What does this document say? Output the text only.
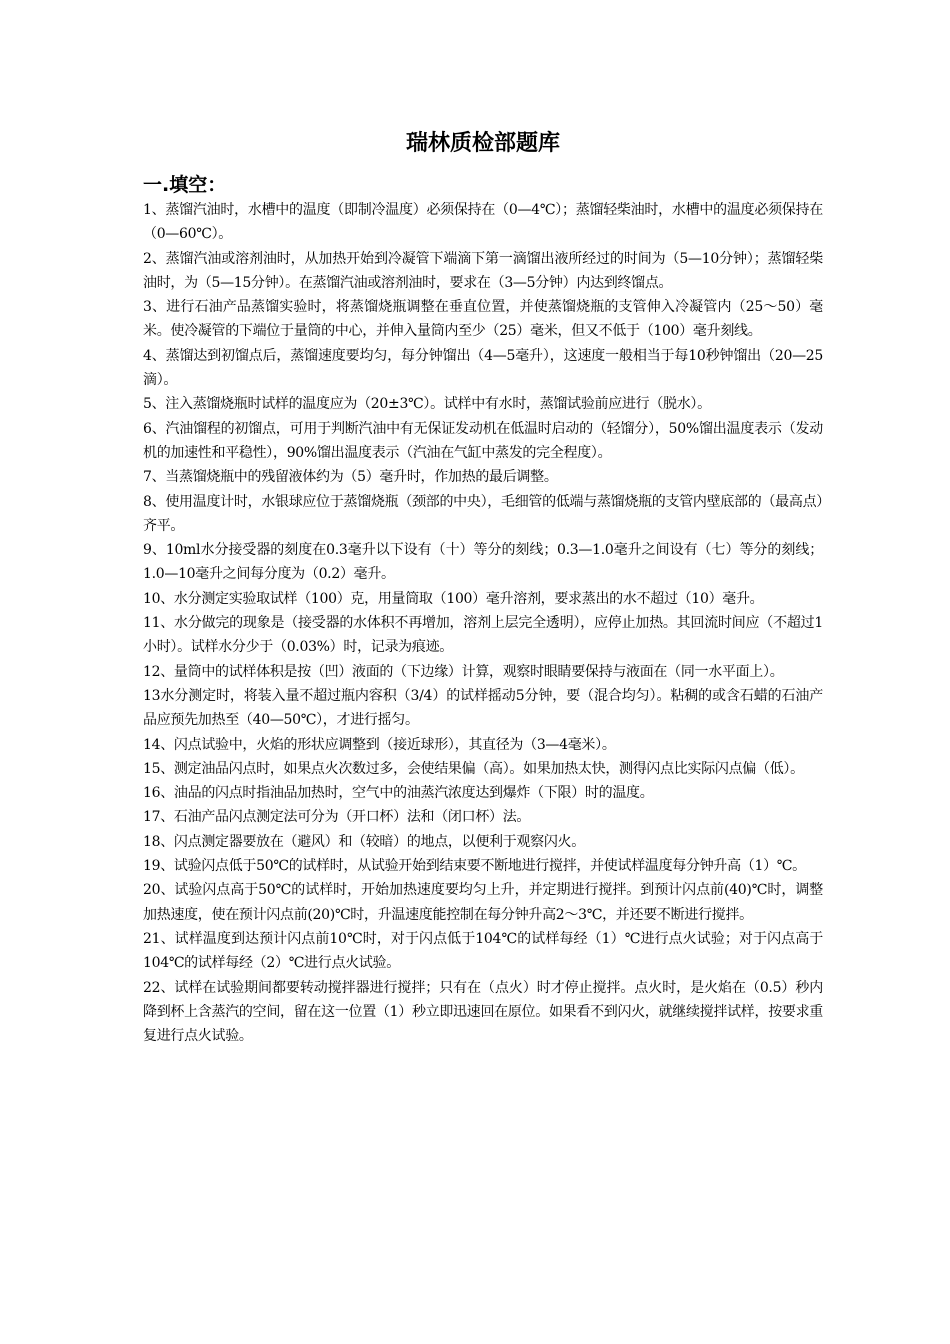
瑞林质检部题库
一.填空：

1、蒸馏汽油时，水槽中的温度（即制冷温度）必须保持在（0—4℃）；蒸馏轻柴油时，水槽中的温度必须保持在（0—60℃）。

2、蒸馏汽油或溶剂油时，从加热开始到冷凝管下端滴下第一滴馏出液所经过的时间为（5—10分钟）；蒸馏轻柴油时，为（5—15分钟）。在蒸馏汽油或溶剂油时，要求在（3—5分钟）内达到终馏点。

3、进行石油产品蒸馏实验时，将蒸馏烧瓶调整在垂直位置，并使蒸馏烧瓶的支管伸入冷凝管内（25～50）毫米。使冷凝管的下端位于量筒的中心，并伸入量筒内至少（25）毫米，但又不低于（100）毫升刻线。

4、蒸馏达到初馏点后，蒸馏速度要均匀，每分钟馏出（4—5毫升），这速度一般相当于每10秒钟馏出（20—25滴）。

5、注入蒸馏烧瓶时试样的温度应为（20±3℃）。试样中有水时，蒸馏试验前应进行（脱水）。

6、汽油馏程的初馏点，可用于判断汽油中有无保证发动机在低温时启动的（轻馏分），50%馏出温度表示（发动机的加速性和平稳性），90%馏出温度表示（汽油在气缸中蒸发的完全程度）。

7、当蒸馏烧瓶中的残留液体约为（5）毫升时，作加热的最后调整。

8、使用温度计时，水银球应位于蒸馏烧瓶（颈部的中央），毛细管的低端与蒸馏烧瓶的支管内壁底部的（最高点）齐平。

9、10ml水分接受器的刻度在0.3毫升以下设有（十）等分的刻线；0.3—1.0毫升之间设有（七）等分的刻线；1.0—10毫升之间每分度为（0.2）毫升。

10、水分测定实验取试样（100）克，用量筒取（100）毫升溶剂，要求蒸出的水不超过（10）毫升。

11、水分做完的现象是（接受器的水体积不再增加，溶剂上层完全透明），应停止加热。其回流时间应（不超过1小时）。试样水分少于（0.03%）时，记录为痕迹。

12、量筒中的试样体积是按（凹）液面的（下边缘）计算，观察时眼睛要保持与液面在（同一水平面上）。

13水分测定时，将装入量不超过瓶内容积（3/4）的试样摇动5分钟，要（混合均匀）。粘稠的或含石蜡的石油产品应预先加热至（40—50℃），才进行摇匀。

14、闪点试验中，火焰的形状应调整到（接近球形），其直径为（3—4毫米）。

15、测定油品闪点时，如果点火次数过多，会使结果偏（高）。如果加热太快，测得闪点比实际闪点偏（低）。

16、油品的闪点时指油品加热时，空气中的油蒸汽浓度达到爆炸（下限）时的温度。

17、石油产品闪点测定法可分为（开口杯）法和（闭口杯）法。

18、闪点测定器要放在（避风）和（较暗）的地点，以便利于观察闪火。

19、试验闪点低于50℃的试样时，从试验开始到结束要不断地进行搅拌，并使试样温度每分钟升高（1）℃。

20、试验闪点高于50℃的试样时，开始加热速度要均匀上升，并定期进行搅拌。到预计闪点前(40)℃时，调整加热速度，使在预计闪点前(20)℃时，升温速度能控制在每分钟升高2～3℃，并还要不断进行搅拌。

21、试样温度到达预计闪点前10℃时，对于闪点低于104℃的试样每经（1）℃进行点火试验；对于闪点高于104℃的试样每经（2）℃进行点火试验。

22、试样在试验期间都要转动搅拌器进行搅拌；只有在（点火）时才停止搅拌。点火时，是火焰在（0.5）秒内降到杯上含蒸汽的空间，留在这一位置（1）秒立即迅速回在原位。如果看不到闪火，就继续搅拌试样，按要求重复进行点火试验。
